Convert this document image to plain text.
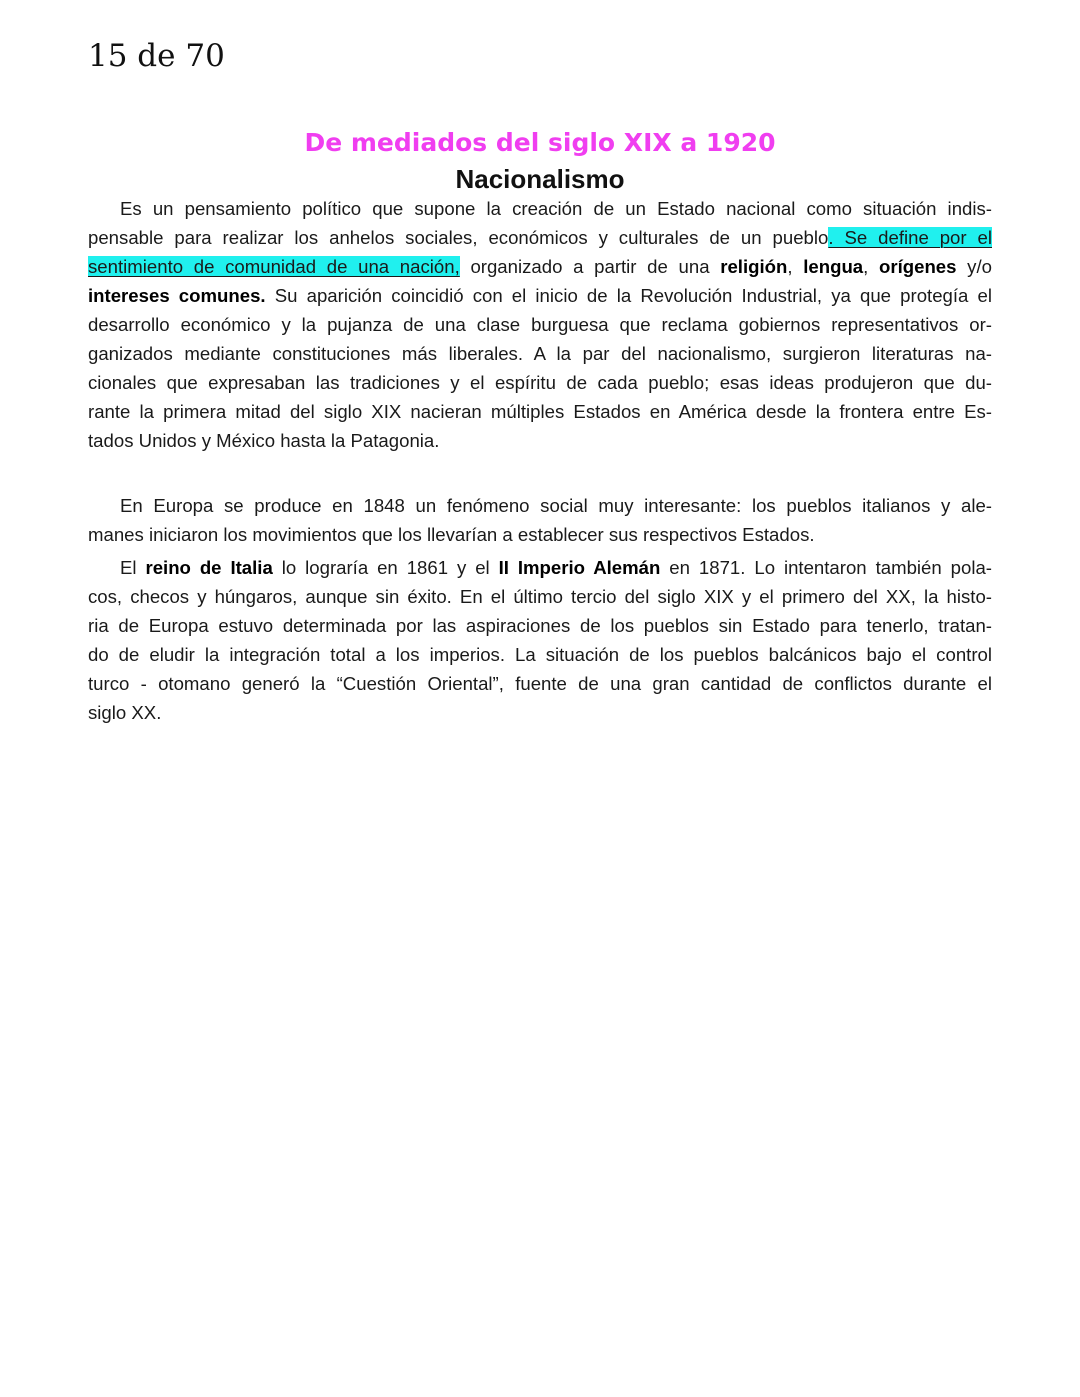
15 de 70
De mediados del siglo XIX a 1920
Nacionalismo
Es un pensamiento político que supone la creación de un Estado nacional como situación indis-
pensable para realizar los anhelos sociales, económicos y culturales de un pueblo. Se define por el
sentimiento de comunidad de una nación, organizado a partir de una religión, lengua, orígenes y/o
intereses comunes. Su aparición coincidió con el inicio de la Revolución Industrial, ya que protegía el
desarrollo económico y la pujanza de una clase burguesa que reclama gobiernos representativos or-
ganizados mediante constituciones más liberales. A la par del nacionalismo, surgieron literaturas na-
cionales que expresaban las tradiciones y el espíritu de cada pueblo; esas ideas produjeron que du-
rante la primera mitad del siglo XIX nacieran múltiples Estados en América desde la frontera entre Es-
tados Unidos y México hasta la Patagonia.
En Europa se produce en 1848 un fenómeno social muy interesante: los pueblos italianos y ale-
manes iniciaron los movimientos que los llevarían a establecer sus respectivos Estados.
El reino de Italia lo lograría en 1861 y el II Imperio Alemán en 1871. Lo intentaron también pola-
cos, checos y húngaros, aunque sin éxito. En el último tercio del siglo XIX y el primero del XX, la histo-
ria de Europa estuvo determinada por las aspiraciones de los pueblos sin Estado para tenerlo, tratan-
do de eludir la integración total a los imperios. La situación de los pueblos balcánicos bajo el control
turco - otomano generó la “Cuestión Oriental”, fuente de una gran cantidad de conflictos durante el
siglo XX.
